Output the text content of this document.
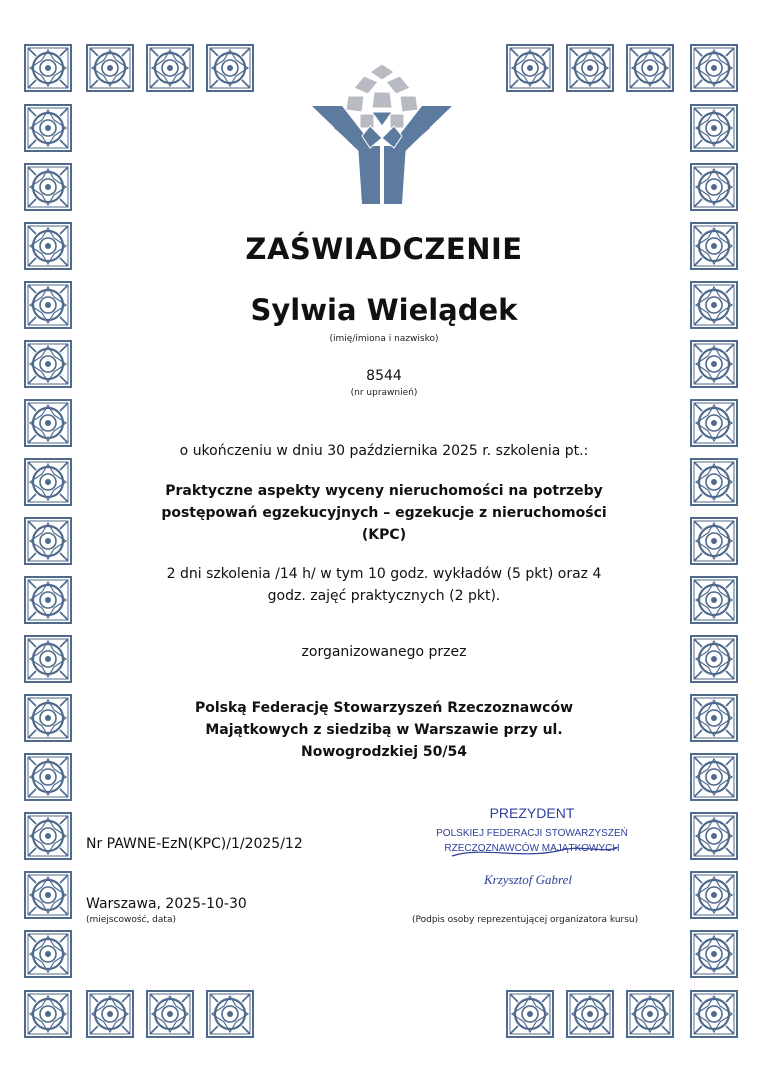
ZAŚWIADCZENIE
Sylwia Wielądek
(imię/imiona i nazwisko)
8544
(nr uprawnień)
o ukończeniu w dniu 30 października 2025 r. szkolenia pt.:
Praktyczne aspekty wyceny nieruchomości na potrzeby
postępowań egzekucyjnych – egzekucje z nieruchomości
(KPC)
2 dni szkolenia /14 h/ w tym 10 godz. wykładów (5 pkt) oraz 4
godz. zajęć praktycznych (2 pkt).
zorganizowanego przez
Polską Federację Stowarzyszeń Rzeczoznawców
Majątkowych z siedzibą w Warszawie przy ul.
Nowogrodzkiej 50/54
Nr PAWNE-EzN(KPC)/1/2025/12
Warszawa, 2025-10-30
(miejscowość, data)
PREZYDENT
POLSKIEJ FEDERACJI STOWARZYSZEŃ
RZECZOZNAWCÓW MAJĄTKOWYCH
Krzysztof Gabrel
(Podpis osoby reprezentującej organizatora kursu)
